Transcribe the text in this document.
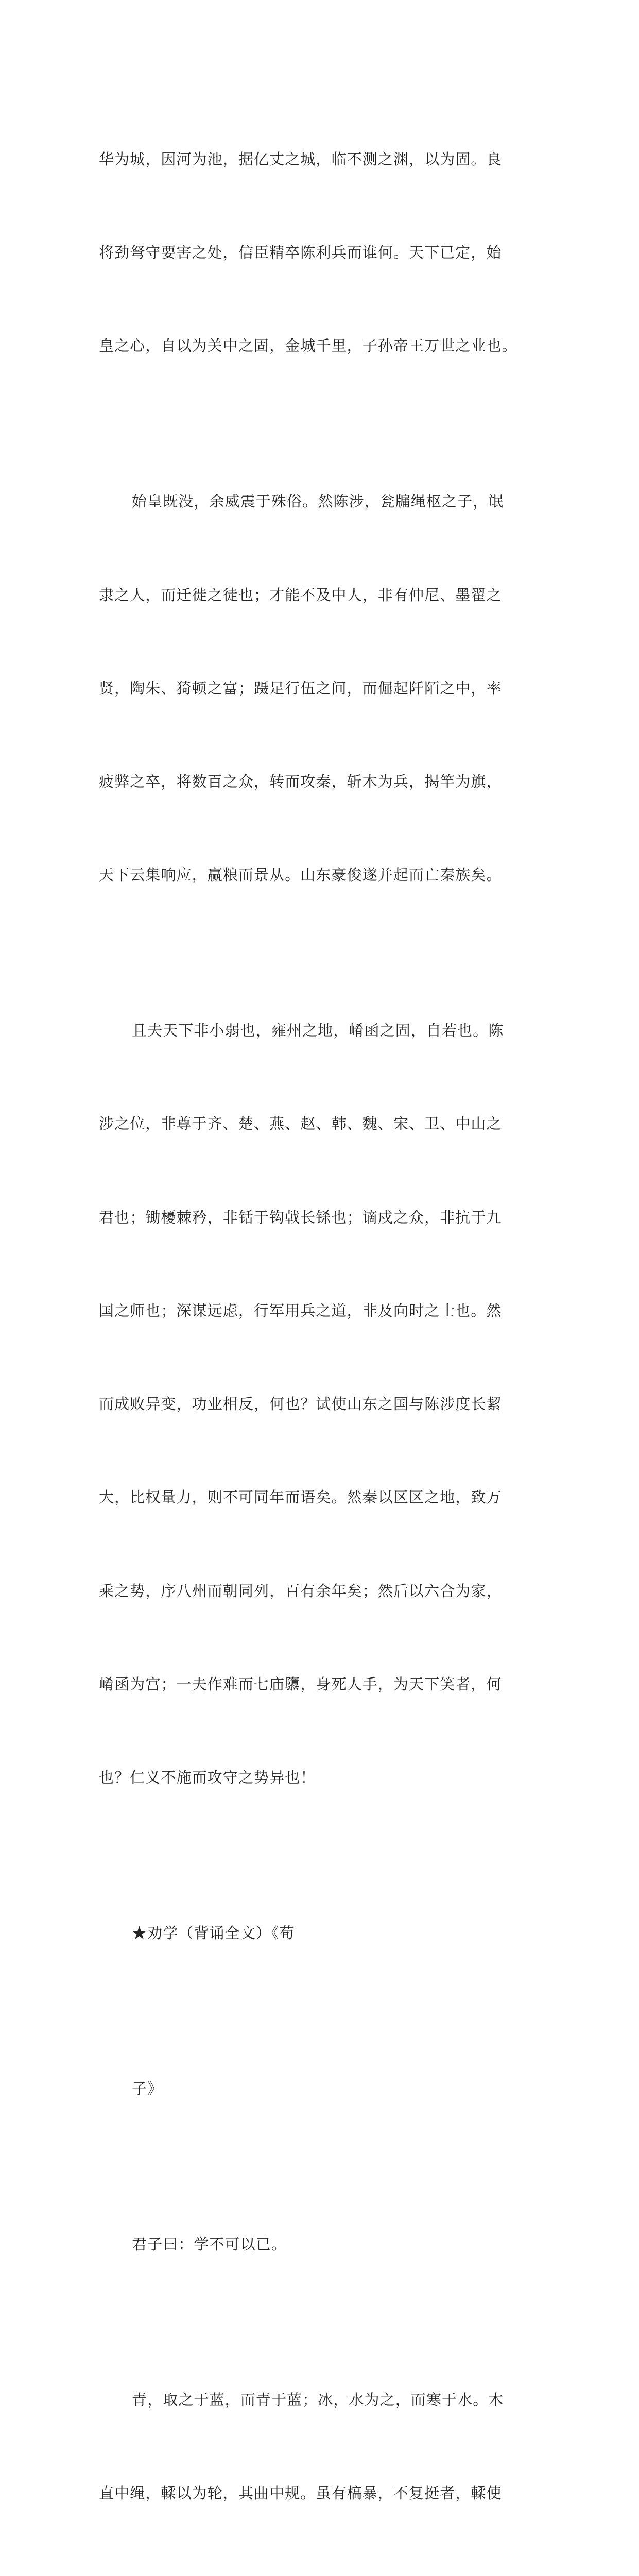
华为城，因河为池，据亿丈之城，临不测之渊，以为固。良

将劲弩守要害之处，信臣精卒陈利兵而谁何。天下已定，始

皇之心，自以为关中之固，金城千里，子孙帝王万世之业也。

始皇既没，余威震于殊俗。然陈涉，瓮牖绳枢之子，氓

隶之人，而迁徙之徒也；才能不及中人，非有仲尼、墨翟之

贤，陶朱、猗顿之富；蹑足行伍之间，而倔起阡陌之中，率

疲弊之卒，将数百之众，转而攻秦，斩木为兵，揭竿为旗，

天下云集响应，赢粮而景从。山东豪俊遂并起而亡秦族矣。

且夫天下非小弱也，雍州之地，崤函之固，自若也。陈

涉之位，非尊于齐、楚、燕、赵、韩、魏、宋、卫、中山之

君也；锄櫌棘矜，非铦于钩戟长铩也；谪戍之众，非抗于九

国之师也；深谋远虑，行军用兵之道，非及向时之士也。然

而成败异变，功业相反，何也？试使山东之国与陈涉度长絜

大，比权量力，则不可同年而语矣。然秦以区区之地，致万

乘之势，序八州而朝同列，百有余年矣；然后以六合为家，

崤函为宫；一夫作难而七庙隳，身死人手，为天下笑者，何

也？仁义不施而攻守之势异也！

★劝学（背诵全文）《荀

子》

君子曰：学不可以已。

青，取之于蓝，而青于蓝；冰，水为之，而寒于水。木

直中绳，輮以为轮，其曲中规。虽有槁暴，不复挺者，輮使
